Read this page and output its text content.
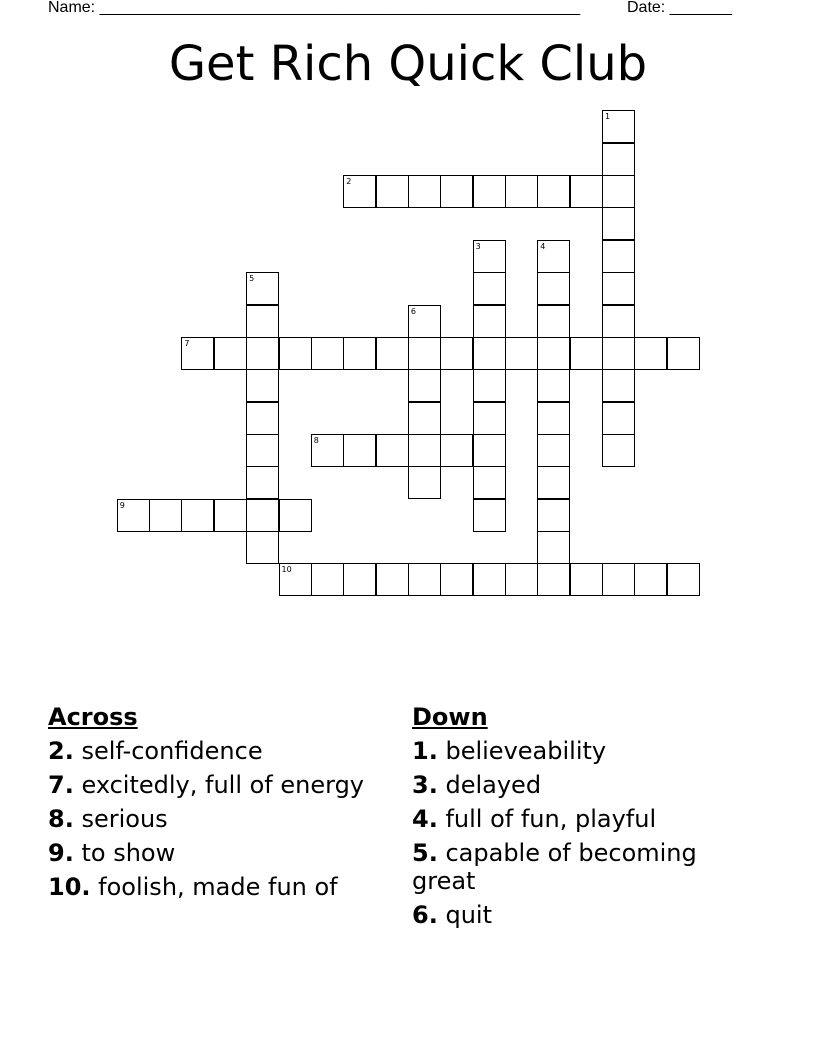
Name: ______________________________________________________	Date: _______
Get Rich Quick Club
1
2
3	4
5
6
7
8
9
10
Across
2. self-confidence
7. excitedly, full of energy
8. serious
9. to show
10. foolish, made fun of
Down
1. believeability
3. delayed
4. full of fun, playful
5. capable of becoming great
6. quit
